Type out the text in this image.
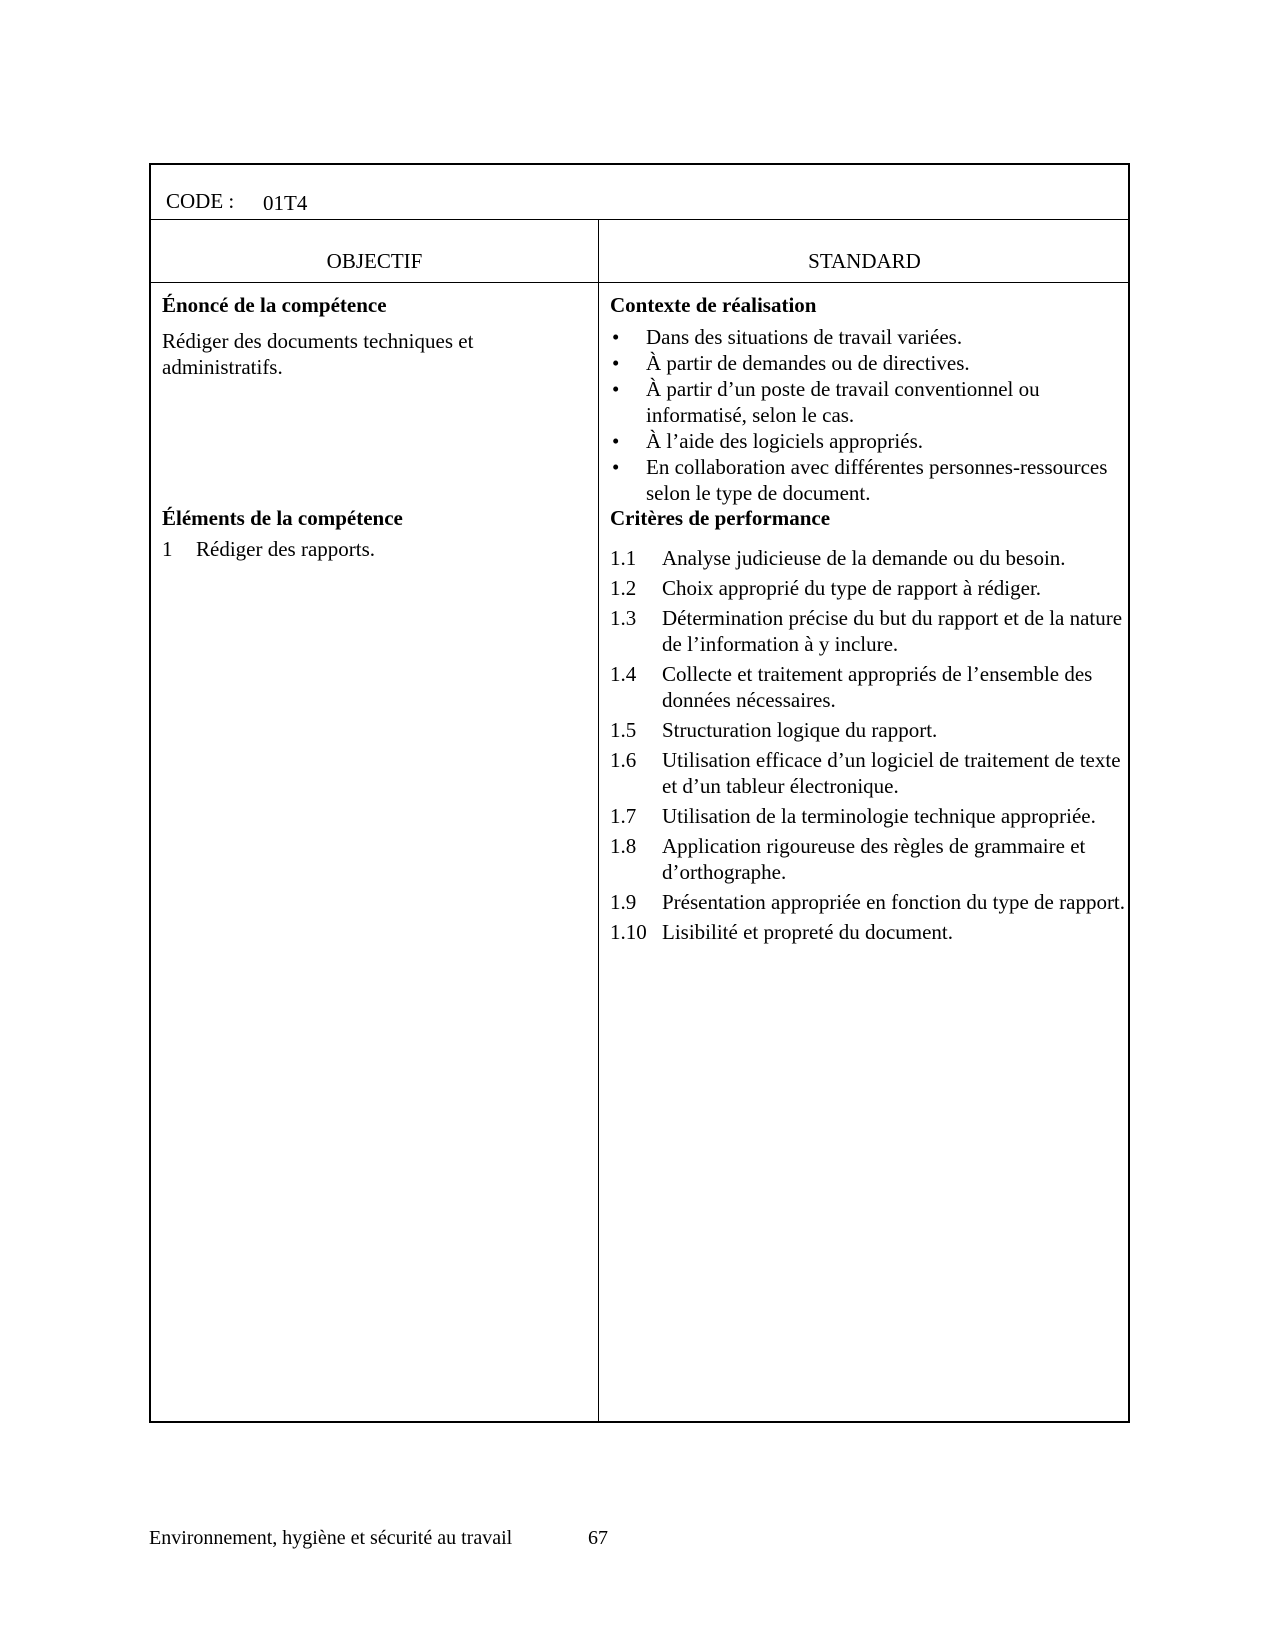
CODE : 01T4
OBJECTIF	STANDARD
Énoncé de la compétence
Rédiger des documents techniques et administratifs.
Éléments de la compétence
1 Rédiger des rapports.
Contexte de réalisation
• Dans des situations de travail variées.
• À partir de demandes ou de directives.
• À partir d’un poste de travail conventionnel ou informatisé, selon le cas.
• À l’aide des logiciels appropriés.
• En collaboration avec différentes personnes-ressources selon le type de document.
Critères de performance
1.1	Analyse judicieuse de la demande ou du besoin.
1.2	Choix approprié du type de rapport à rédiger.
1.3	Détermination précise du but du rapport et de la nature de l’information à y inclure.
1.4	Collecte et traitement appropriés de l’ensemble des données nécessaires.
1.5	Structuration logique du rapport.
1.6	Utilisation efficace d’un logiciel de traitement de texte et d’un tableur électronique.
1.7	Utilisation de la terminologie technique appropriée.
1.8	Application rigoureuse des règles de grammaire et d’orthographe.
1.9	Présentation appropriée en fonction du type de rapport.
1.10 Lisibilité et propreté du document.
Environnement, hygiène et sécurité au travail	67
